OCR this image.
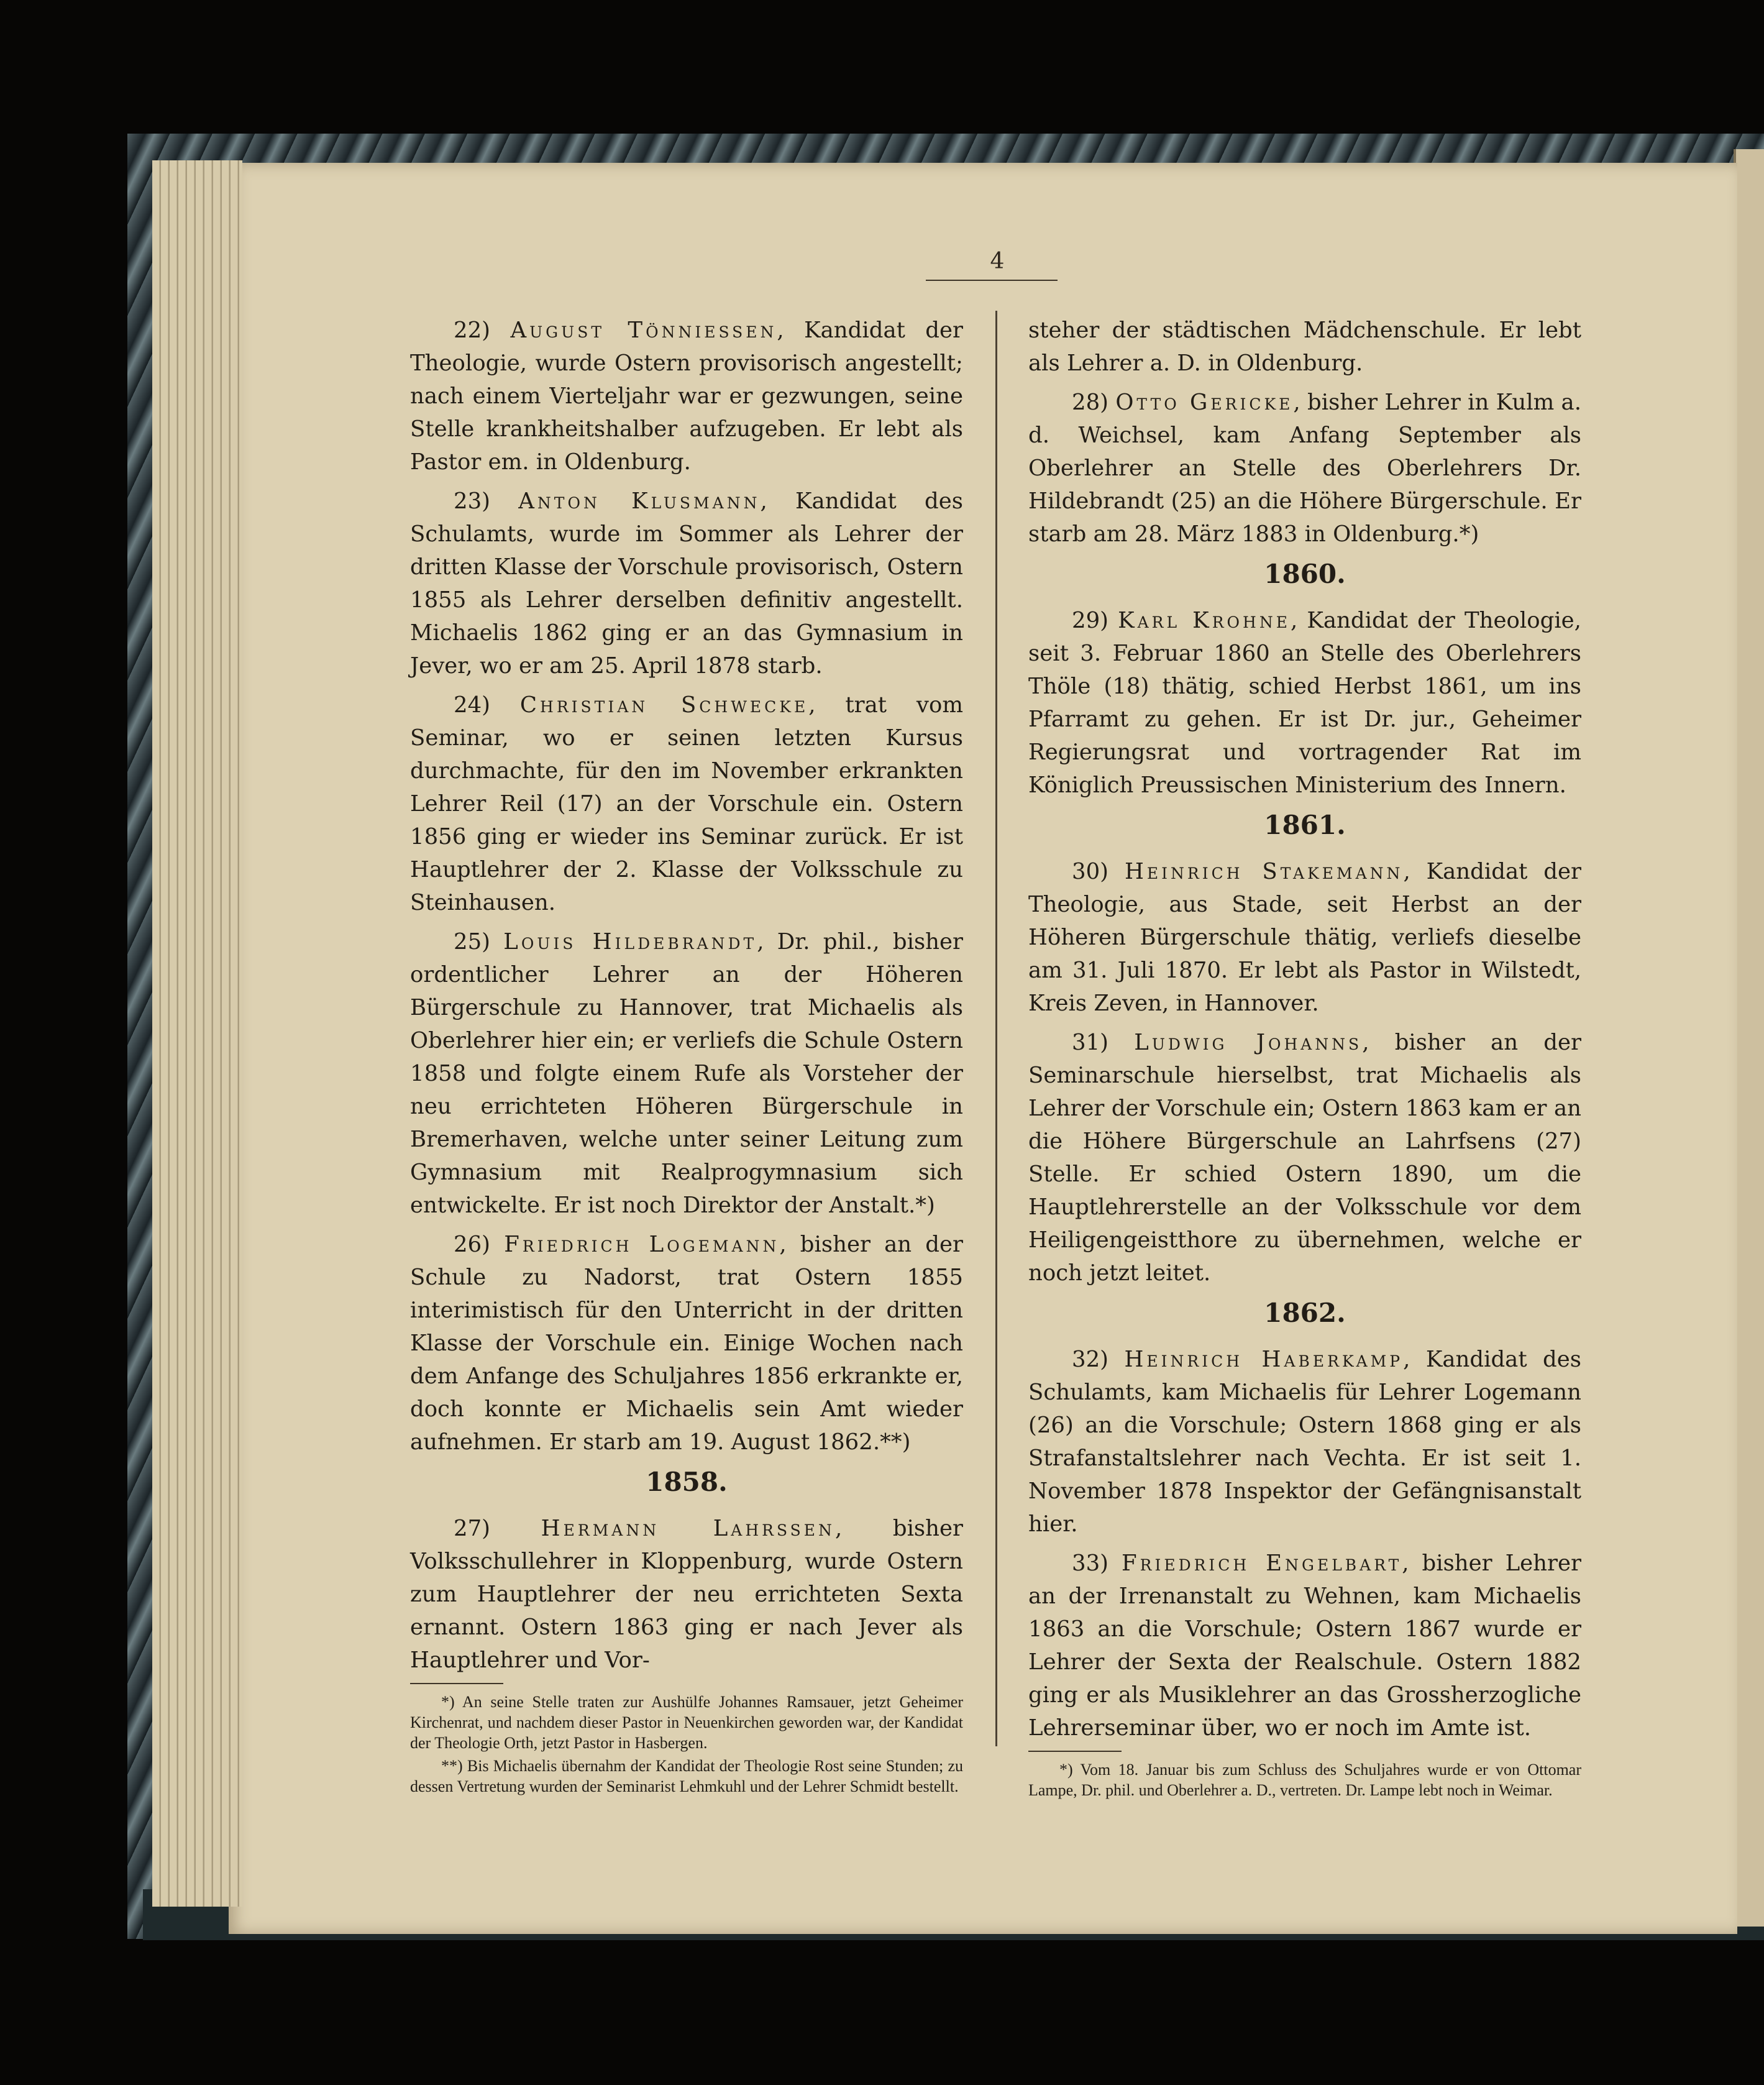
4

22) August Tönniessen, Kandidat der Theologie, wurde Ostern provisorisch angestellt; nach einem Vierteljahr war er gezwungen, seine Stelle krankheitshalber aufzugeben. Er lebt als Pastor em. in Oldenburg.

23) Anton Klusmann, Kandidat des Schulamts, wurde im Sommer als Lehrer der dritten Klasse der Vorschule provisorisch, Ostern 1855 als Lehrer derselben definitiv angestellt. Michaelis 1862 ging er an das Gymnasium in Jever, wo er am 25. April 1878 starb.

24) Christian Schwecke, trat vom Seminar, wo er seinen letzten Kursus durchmachte, für den im November erkrankten Lehrer Reil (17) an der Vorschule ein. Ostern 1856 ging er wieder ins Seminar zurück. Er ist Hauptlehrer der 2. Klasse der Volksschule zu Steinhausen.

25) Louis Hildebrandt, Dr. phil., bisher ordentlicher Lehrer an der Höheren Bürgerschule zu Hannover, trat Michaelis als Oberlehrer hier ein; er verliefs die Schule Ostern 1858 und folgte einem Rufe als Vorsteher der neu errichteten Höheren Bürgerschule in Bremerhaven, welche unter seiner Leitung zum Gymnasium mit Realprogymnasium sich entwickelte. Er ist noch Direktor der Anstalt.*)

26) Friedrich Logemann, bisher an der Schule zu Nadorst, trat Ostern 1855 interimistisch für den Unterricht in der dritten Klasse der Vorschule ein. Einige Wochen nach dem Anfange des Schuljahres 1856 erkrankte er, doch konnte er Michaelis sein Amt wieder aufnehmen. Er starb am 19. August 1862.**)

1858.

27) Hermann Lahrssen, bisher Volksschullehrer in Kloppenburg, wurde Ostern zum Hauptlehrer der neu errichteten Sexta ernannt. Ostern 1863 ging er nach Jever als Hauptlehrer und Vor-

*) An seine Stelle traten zur Aushülfe Johannes Ramsauer, jetzt Geheimer Kirchenrat, und nachdem dieser Pastor in Neuenkirchen geworden war, der Kandidat der Theologie Orth, jetzt Pastor in Hasbergen.

**) Bis Michaelis übernahm der Kandidat der Theologie Rost seine Stunden; zu dessen Vertretung wurden der Seminarist Lehmkuhl und der Lehrer Schmidt bestellt.

steher der städtischen Mädchenschule. Er lebt als Lehrer a. D. in Oldenburg.

28) Otto Gericke, bisher Lehrer in Kulm a. d. Weichsel, kam Anfang September als Oberlehrer an Stelle des Oberlehrers Dr. Hildebrandt (25) an die Höhere Bürgerschule. Er starb am 28. März 1883 in Oldenburg.*)

1860.

29) Karl Krohne, Kandidat der Theologie, seit 3. Februar 1860 an Stelle des Oberlehrers Thöle (18) thätig, schied Herbst 1861, um ins Pfarramt zu gehen. Er ist Dr. jur., Geheimer Regierungsrat und vortragender Rat im Königlich Preussischen Ministerium des Innern.

1861.

30) Heinrich Stakemann, Kandidat der Theologie, aus Stade, seit Herbst an der Höheren Bürgerschule thätig, verliefs dieselbe am 31. Juli 1870. Er lebt als Pastor in Wilstedt, Kreis Zeven, in Hannover.

31) Ludwig Johanns, bisher an der Seminarschule hierselbst, trat Michaelis als Lehrer der Vorschule ein; Ostern 1863 kam er an die Höhere Bürgerschule an Lahrfsens (27) Stelle. Er schied Ostern 1890, um die Hauptlehrerstelle an der Volksschule vor dem Heiligengeistthore zu übernehmen, welche er noch jetzt leitet.

1862.

32) Heinrich Haberkamp, Kandidat des Schulamts, kam Michaelis für Lehrer Logemann (26) an die Vorschule; Ostern 1868 ging er als Strafanstaltslehrer nach Vechta. Er ist seit 1. November 1878 Inspektor der Gefängnisanstalt hier.

33) Friedrich Engelbart, bisher Lehrer an der Irrenanstalt zu Wehnen, kam Michaelis 1863 an die Vorschule; Ostern 1867 wurde er Lehrer der Sexta der Realschule. Ostern 1882 ging er als Musiklehrer an das Grossherzogliche Lehrerseminar über, wo er noch im Amte ist.

*) Vom 18. Januar bis zum Schluss des Schuljahres wurde er von Ottomar Lampe, Dr. phil. und Oberlehrer a. D., vertreten. Dr. Lampe lebt noch in Weimar.
